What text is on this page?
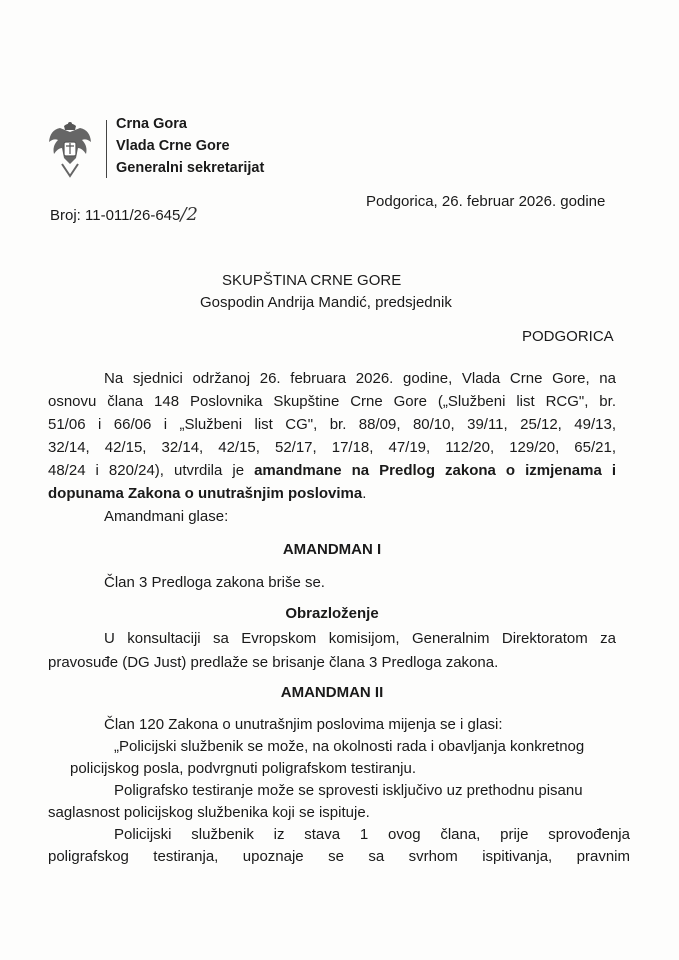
Crna Gora
Vlada Crne Gore
Generalni sekretarijat
Broj: 11-011/26-645/2
Podgorica, 26. februar 2026. godine
SKUPŠTINA CRNE GORE
Gospodin Andrija Mandić, predsjednik
PODGORICA
Na sjednici održanoj 26. februara 2026. godine, Vlada Crne Gore, na
osnovu člana 148 Poslovnika Skupštine Crne Gore („Službeni list RCG", br.
51/06 i 66/06 i „Službeni list CG", br. 88/09, 80/10, 39/11, 25/12, 49/13,
32/14, 42/15, 32/14, 42/15, 52/17, 17/18, 47/19, 112/20, 129/20, 65/21,
48/24 i 820/24), utvrdila je amandmane na Predlog zakona o izmjenama i
dopunama Zakona o unutrašnjim poslovima.
Amandmani glase:
AMANDMAN I
Član 3 Predloga zakona briše se.
Obrazloženje
U konsultaciji sa Evropskom komisijom, Generalnim Direktoratom za
pravosuđe (DG Just) predlaže se brisanje člana 3 Predloga zakona.
AMANDMAN II
Član 120 Zakona o unutrašnjim poslovima mijenja se i glasi:
„Policijski službenik se može, na okolnosti rada i obavljanja konkretnog
policijskog posla, podvrgnuti poligrafskom testiranju.
Poligrafsko testiranje može se sprovesti isključivo uz prethodnu pisanu
saglasnost policijskog službenika koji se ispituje.
Policijski službenik iz stava 1 ovog člana, prije sprovođenja
poligrafskog testiranja, upoznaje se sa svrhom ispitivanja, pravnim
